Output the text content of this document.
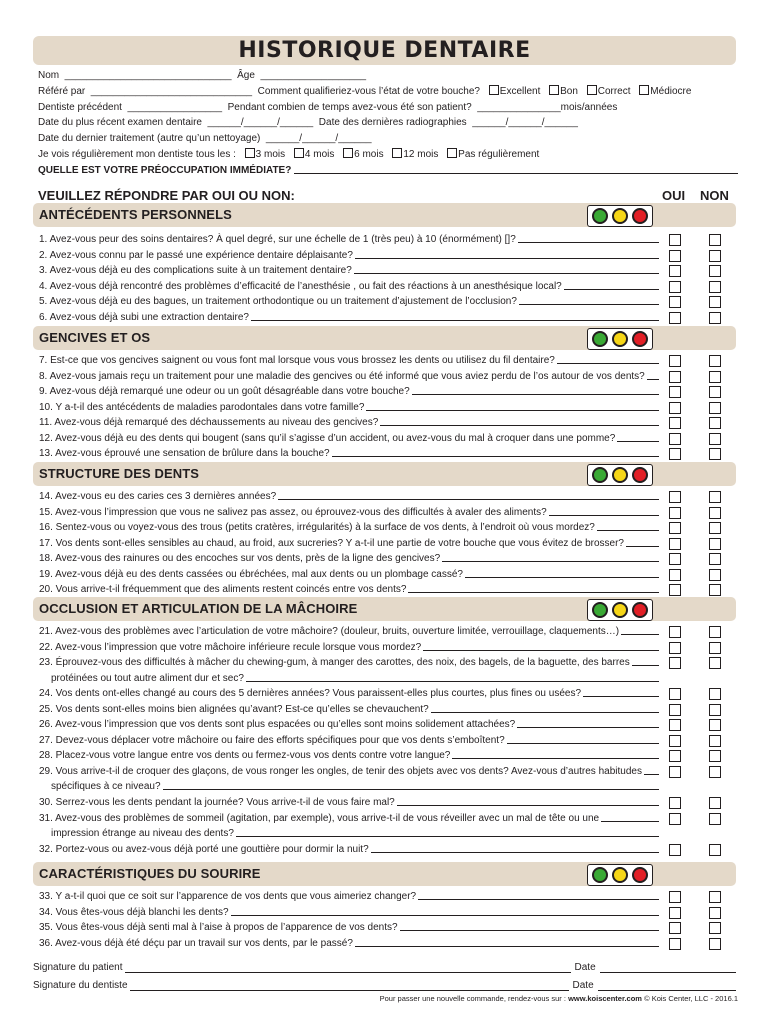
HISTORIQUE DENTAIRE
Nom  ______________________________  Âge  ___________________
Référé par  _____________________________  Comment qualifieriez-vous l’état de votre bouche? Excellent Bon Correct Médiocre
Dentiste précédent  _________________  Pendant combien de temps avez-vous été son patient?  _______________mois/années
Date du plus récent examen dentaire  ______/______/______  Date des dernières radiographies  ______/______/______
Date du dernier traitement (autre qu’un nettoyage)  ______/______/______
Je vois régulièrement mon dentiste tous les : 3 mois 4 mois 6 mois 12 mois Pas régulièrement
QUELLE EST VOTRE PRÉOCCUPATION IMMÉDIATE?
VEUILLEZ RÉPONDRE PAR OUI OU NON:	OUI NON
ANTÉCÉDENTS PERSONNELS
1. Avez-vous peur des soins dentaires? À quel degré, sur une échelle de 1 (très peu) à 10 (énormément) []?
2. Avez-vous connu par le passé une expérience dentaire déplaisante?
3. Avez-vous déjà eu des complications suite à un traitement dentaire?
4. Avez-vous déjà rencontré des problèmes d’efficacité de l’anesthésie , ou fait des réactions à un anesthésique local?
5. Avez-vous déjà eu des bagues, un traitement orthodontique ou un traitement d’ajustement de l’occlusion?
6. Avez-vous déjà subi une extraction dentaire?
GENCIVES ET OS
7. Est-ce que vos gencives saignent ou vous font mal lorsque vous vous brossez les dents ou utilisez du fil dentaire?
8. Avez-vous jamais reçu un traitement pour une maladie des gencives ou été informé que vous aviez perdu de l’os autour de vos dents?
9. Avez-vous déjà remarqué une odeur ou un goût désagréable dans votre bouche?
10. Y a-t-il des antécédents de maladies parodontales dans votre famille?
11. Avez-vous déjà remarqué des déchaussements au niveau des gencives?
12. Avez-vous déjà eu des dents qui bougent (sans qu’il s’agisse d’un accident, ou avez-vous du mal à croquer dans une pomme?
13. Avez-vous éprouvé une sensation de brûlure dans la bouche?
STRUCTURE DES DENTS
14. Avez-vous eu des caries ces 3 dernières années?
15. Avez-vous l’impression que vous ne salivez pas assez, ou éprouvez-vous des difficultés à avaler des aliments?
16. Sentez-vous ou voyez-vous des trous (petits cratères, irrégularités) à la surface de vos dents, à l’endroit où vous mordez?
17. Vos dents sont-elles sensibles au chaud, au froid, aux sucreries? Y a-t-il une partie de votre bouche que vous évitez de brosser?
18. Avez-vous des rainures ou des encoches sur vos dents, près de la ligne des gencives?
19. Avez-vous déjà eu des dents cassées ou ébréchées, mal aux dents ou un plombage cassé?
20. Vous arrive-t-il fréquemment que des aliments restent coincés entre vos dents?
OCCLUSION ET ARTICULATION DE LA MÂCHOIRE
21. Avez-vous des problèmes avec l’articulation de votre mâchoire? (douleur, bruits, ouverture limitée, verrouillage, claquements…)
22. Avez-vous l’impression que votre mâchoire inférieure recule lorsque vous mordez?
23. Éprouvez-vous des difficultés à mâcher du chewing-gum, à manger des carottes, des noix, des bagels, de la baguette, des barres
protéinées ou tout autre aliment dur et sec?
24. Vos dents ont-elles changé au cours des 5 dernières années? Vous paraissent-elles plus courtes, plus fines ou usées?
25. Vos dents sont-elles moins bien alignées qu’avant? Est-ce qu’elles se chevauchent?
26. Avez-vous l’impression que vos dents sont plus espacées ou qu’elles sont moins solidement attachées?
27. Devez-vous déplacer votre mâchoire ou faire des efforts spécifiques pour que vos dents s’emboîtent?
28. Placez-vous votre langue entre vos dents ou fermez-vous vos dents contre votre langue?
29. Vous arrive-t-il de croquer des glaçons, de vous ronger les ongles, de tenir des objets avec vos dents? Avez-vous d’autres habitudes
spécifiques à ce niveau?
30. Serrez-vous les dents pendant la journée? Vous arrive-t-il de vous faire mal?
31. Avez-vous des problèmes de sommeil (agitation, par exemple), vous arrive-t-il de vous réveiller avec un mal de tête ou une
impression étrange au niveau des dents?
32. Portez-vous ou avez-vous déjà porté une gouttière pour dormir la nuit?
CARACTÉRISTIQUES DU SOURIRE
33. Y a-t-il quoi que ce soit sur l’apparence de vos dents que vous aimeriez changer?
34. Vous êtes-vous déjà blanchi les dents?
35. Vous êtes-vous déjà senti mal à l’aise à propos de l’apparence de vos dents?
36. Avez-vous déjà été déçu par un travail sur vos dents, par le passé?
Signature du patient	Date
Signature du dentiste	Date
Pour passer une nouvelle commande, rendez-vous sur : www.koiscenter.com © Kois Center, LLC - 2016.1
